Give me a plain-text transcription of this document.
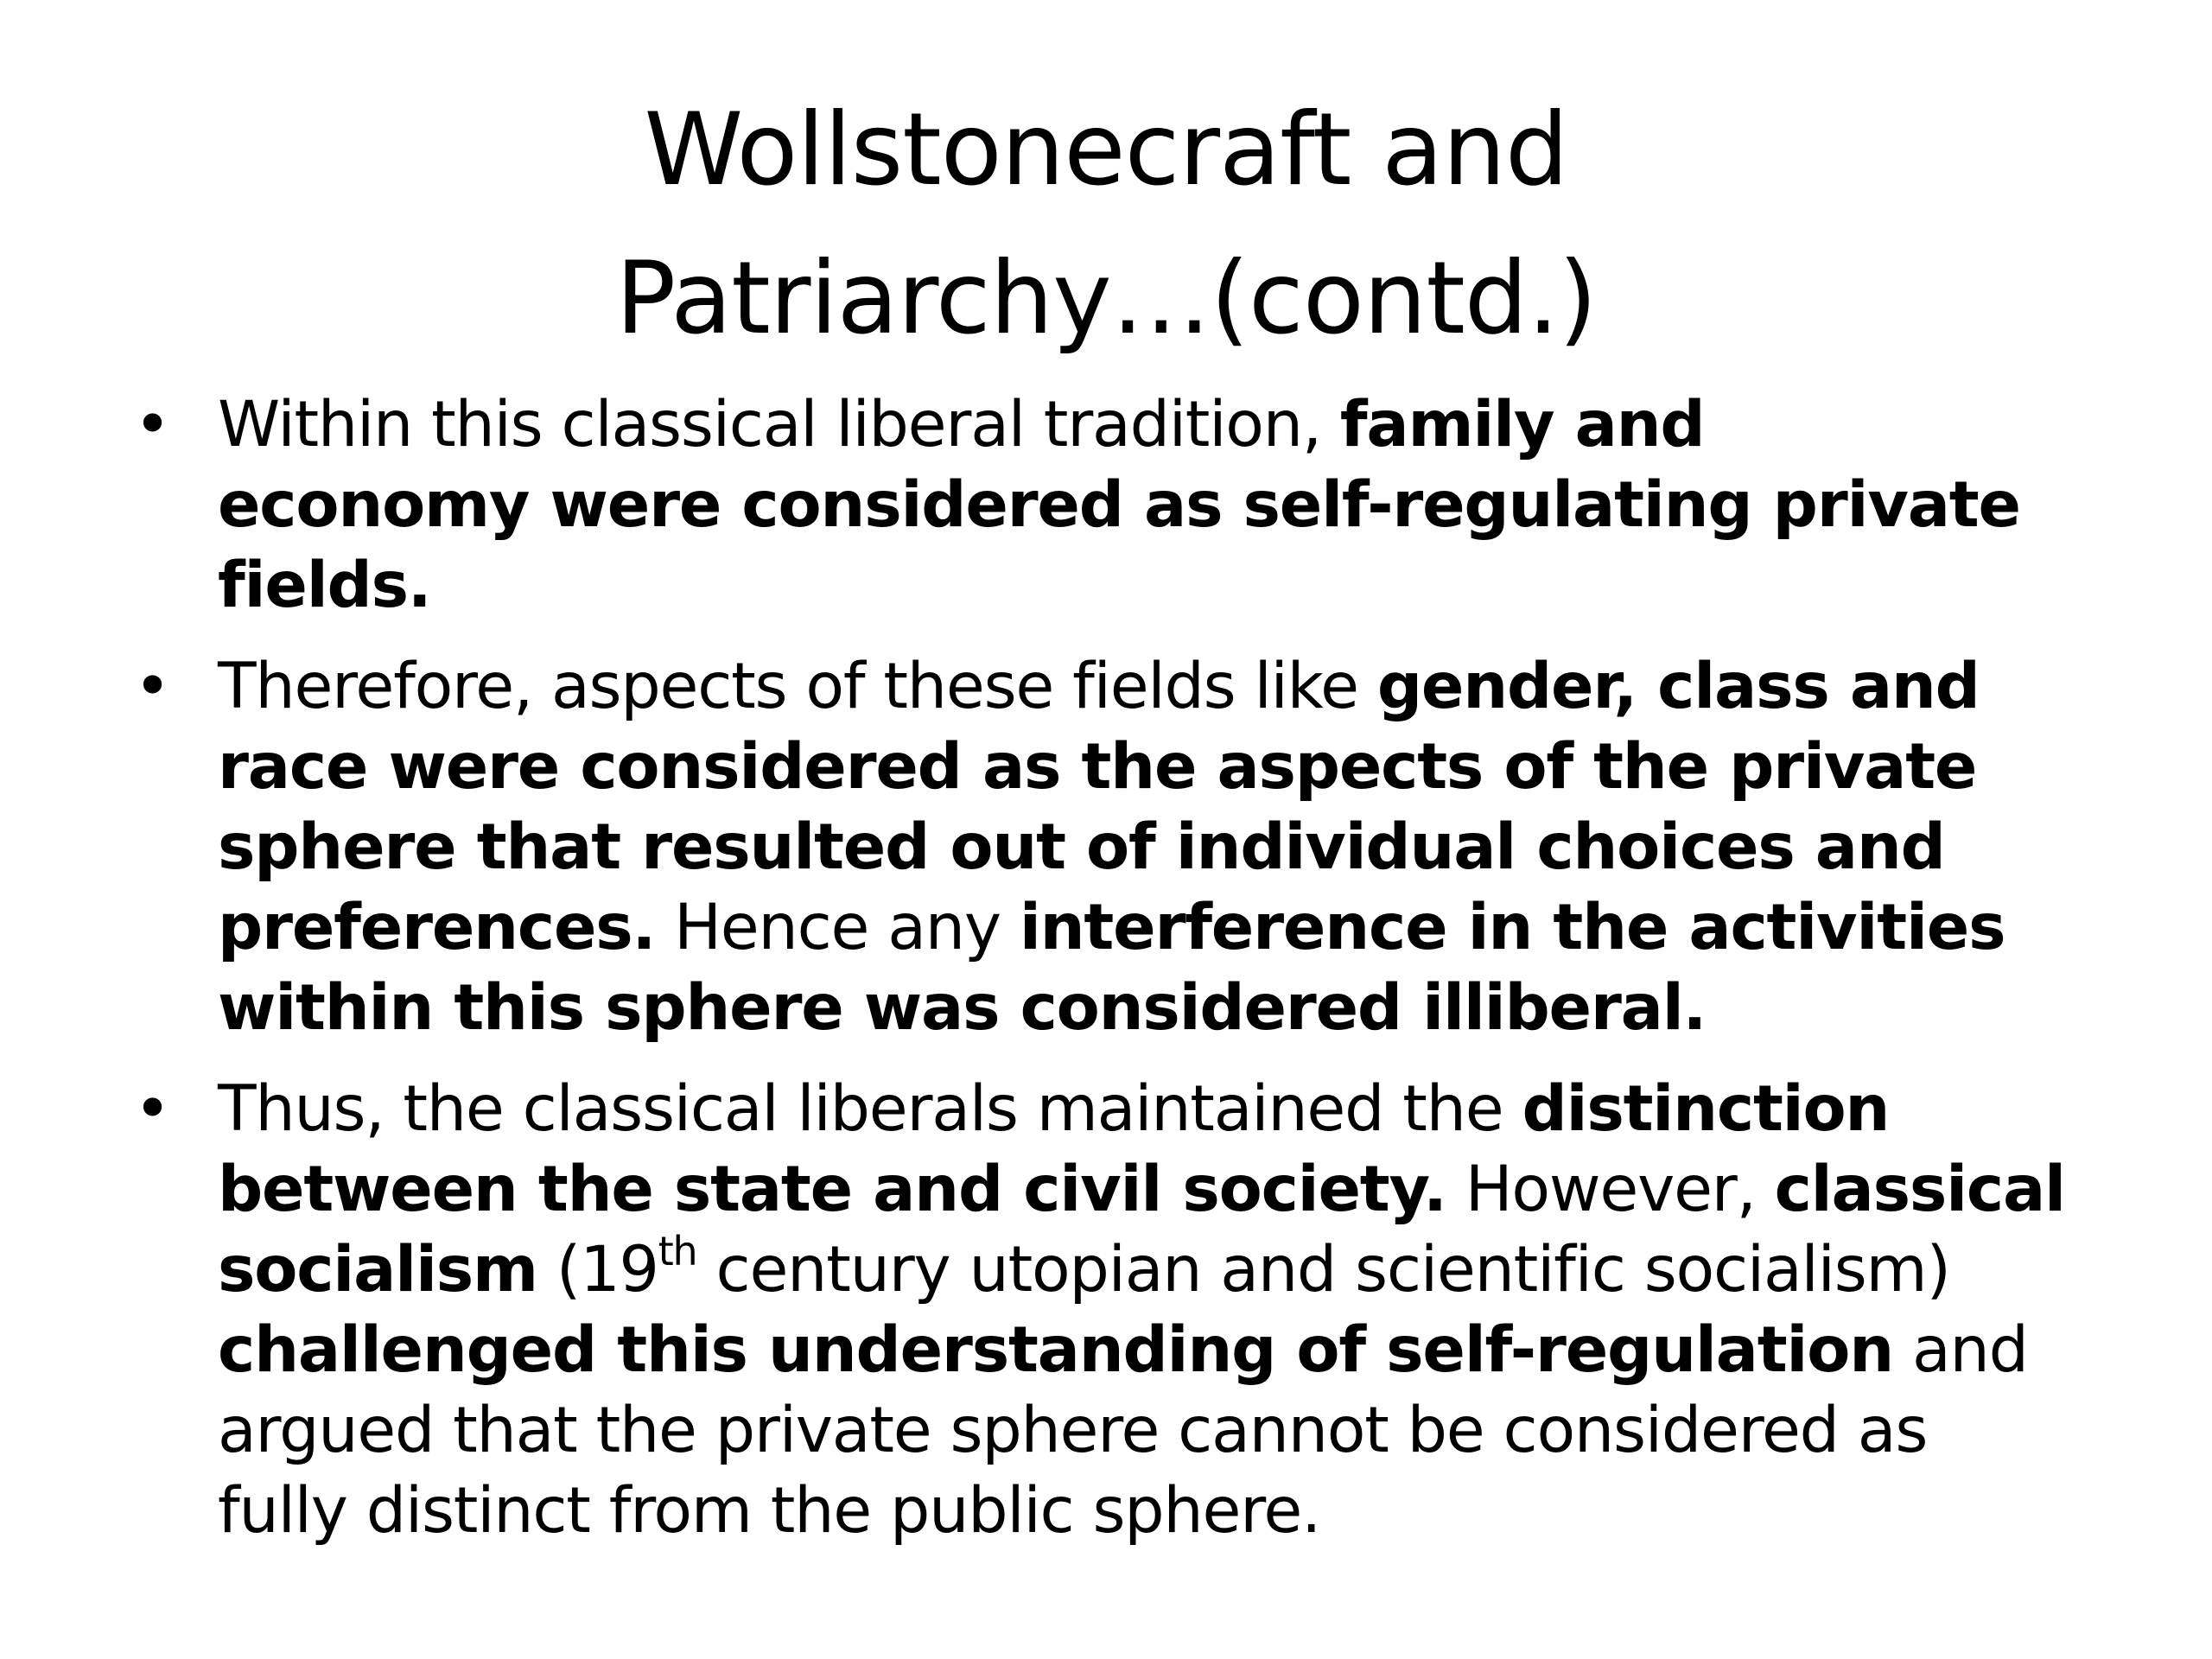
Wollstonecraft and
Patriarchy…(contd.)
• Within this classical liberal tradition, family and
economy were considered as self-regulating private
fields.
• Therefore, aspects of these fields like gender, class and
race were considered as the aspects of the private
sphere that resulted out of individual choices and
preferences. Hence any interference in the activities
within this sphere was considered illiberal.
• Thus, the classical liberals maintained the distinction
between the state and civil society. However, classical
socialism (19th century utopian and scientific socialism)
challenged this understanding of self-regulation and
argued that the private sphere cannot be considered as
fully distinct from the public sphere.
